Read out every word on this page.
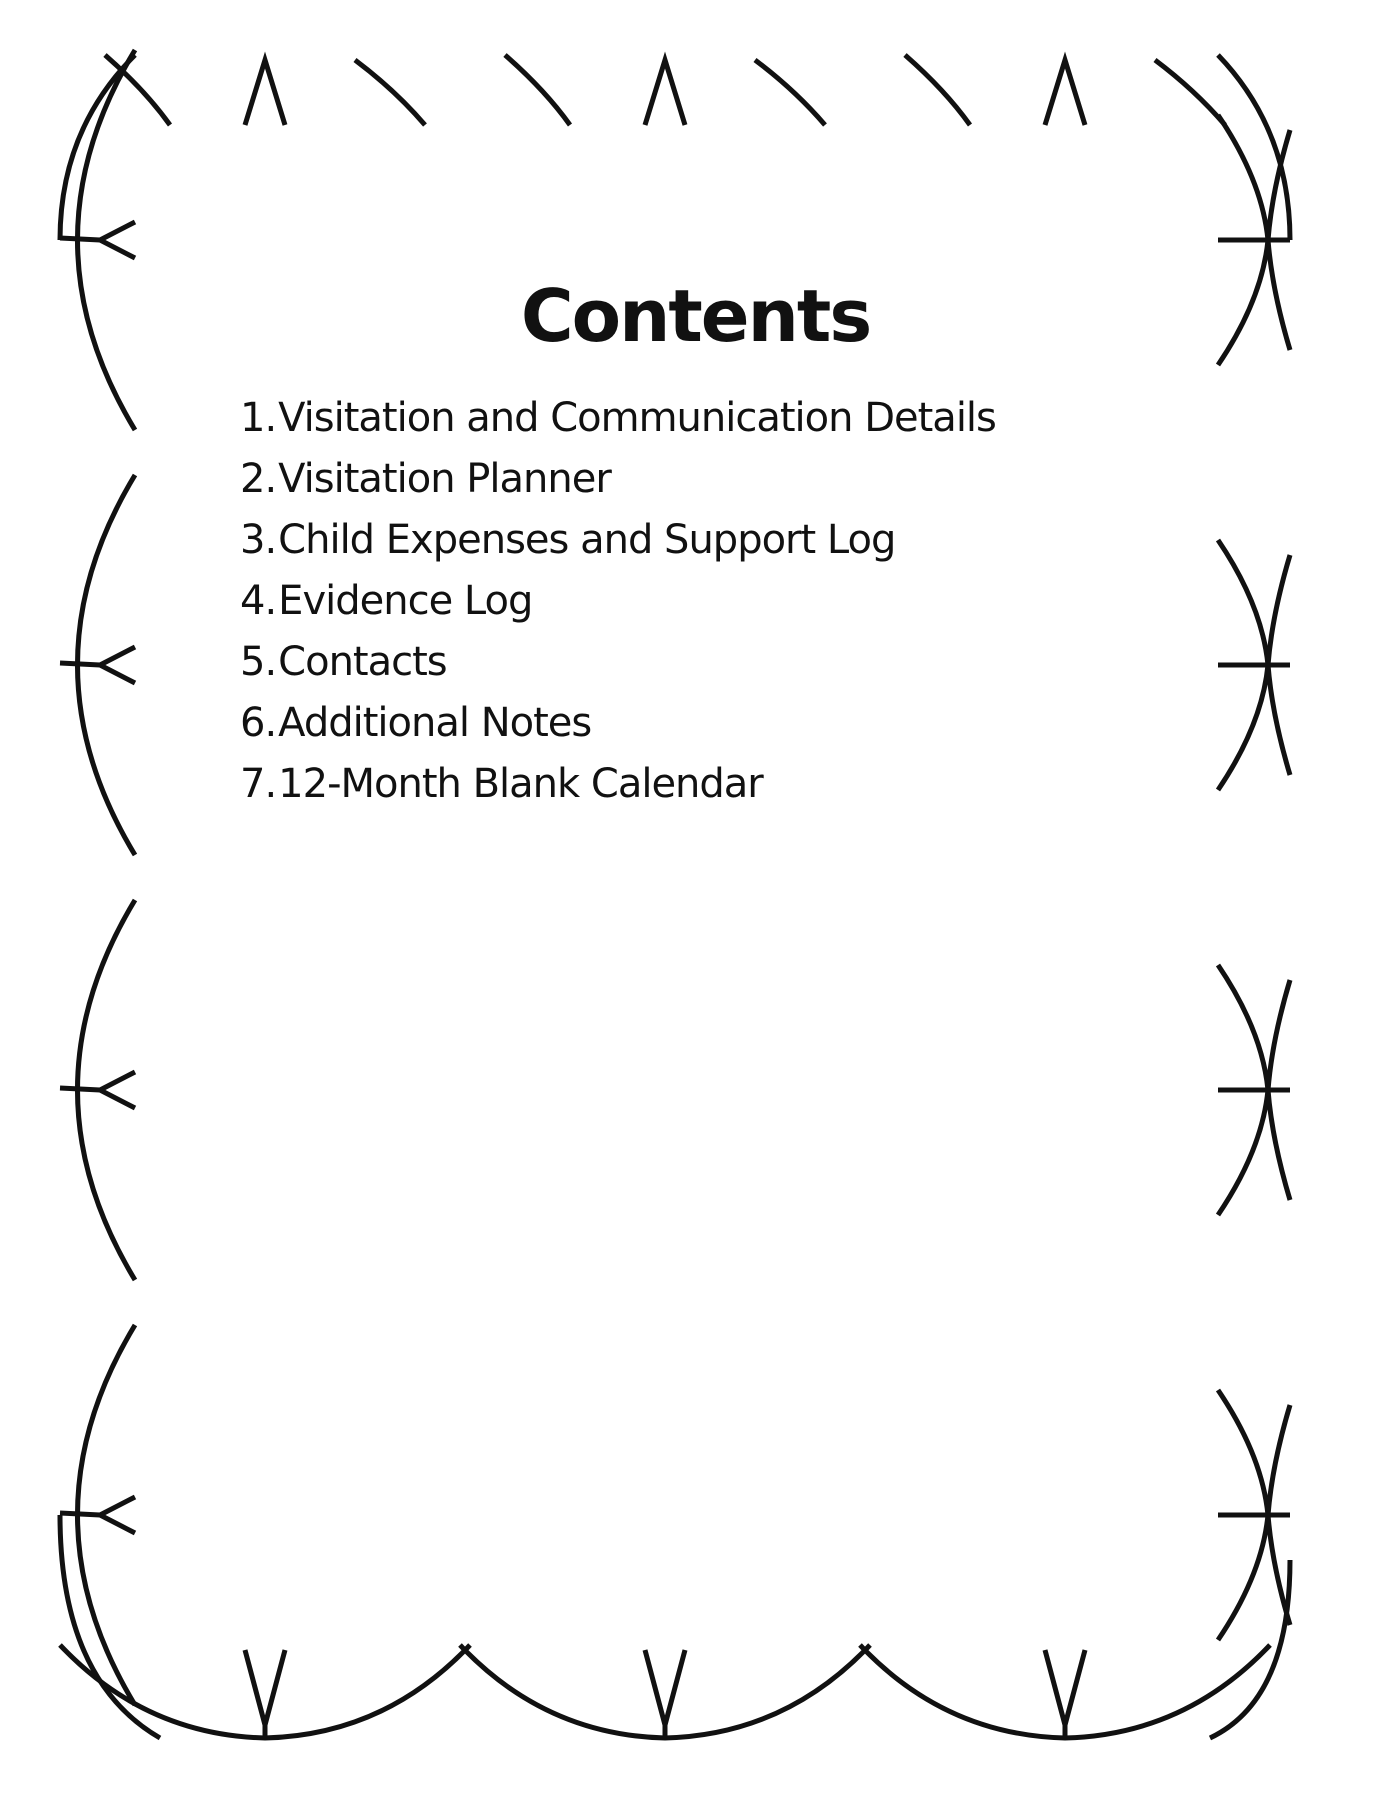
Contents
1. Visitation and Communication Details
2. Visitation Planner
3. Child Expenses and Support Log
4. Evidence Log
5. Contacts
6. Additional Notes
7. 12-Month Blank Calendar
